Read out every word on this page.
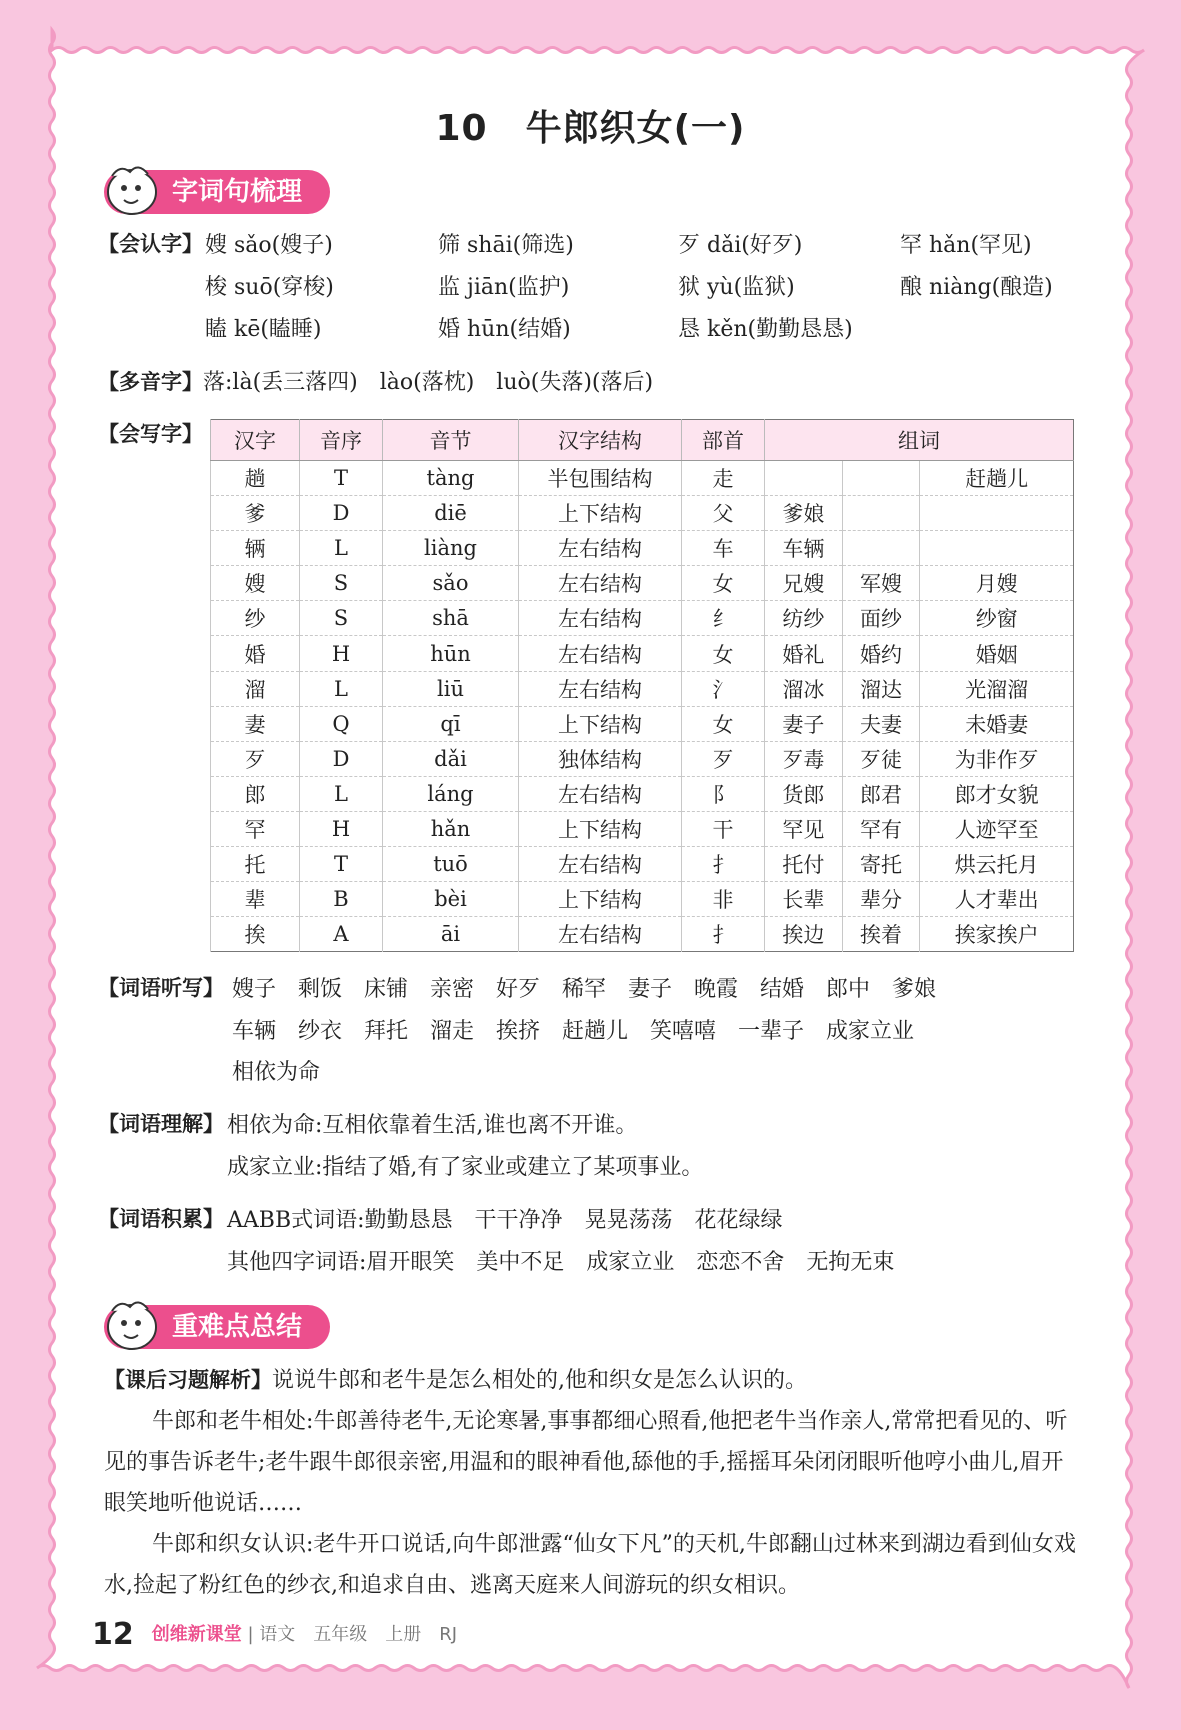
10 牛郎织女(一)
字词句梳理
【会认字】 嫂 sǎo(嫂子)	筛 shāi(筛选)	歹 dǎi(好歹)	罕 hǎn(罕见)
梭 suō(穿梭)	监 jiān(监护)	狱 yù(监狱)	酿 niàng(酿造)
瞌 kē(瞌睡)	婚 hūn(结婚)	恳 kěn(勤勤恳恳)
【多音字】落:là(丢三落四)　lào(落枕)　luò(失落)(落后)
【会写字】 汉字	音序	音节	汉字结构	部首	组词		
趟	T	tàng	半包围结构	走			赶趟儿
爹	D	diē	上下结构	父	爹娘		
辆	L	liàng	左右结构	车	车辆		
嫂	S	sǎo	左右结构	女	兄嫂	军嫂	月嫂
纱	S	shā	左右结构	纟	纺纱	面纱	纱窗
婚	H	hūn	左右结构	女	婚礼	婚约	婚姻
溜	L	liū	左右结构	氵	溜冰	溜达	光溜溜
妻	Q	qī	上下结构	女	妻子	夫妻	未婚妻
歹	D	dǎi	独体结构	歹	歹毒	歹徒	为非作歹
郎	L	láng	左右结构	阝	货郎	郎君	郎才女貌
罕	H	hǎn	上下结构	干	罕见	罕有	人迹罕至
托	T	tuō	左右结构	扌	托付	寄托	烘云托月
辈	B	bèi	上下结构	非	长辈	辈分	人才辈出
挨	A	āi	左右结构	扌	挨边	挨着	挨家挨户
【词语听写】 嫂子　剩饭　床铺　亲密　好歹　稀罕　妻子　晚霞　结婚　郎中　爹娘
车辆　纱衣　拜托　溜走　挨挤　赶趟儿　笑嘻嘻　一辈子　成家立业
相依为命
【词语理解】 相依为命:互相依靠着生活,谁也离不开谁。
成家立业:指结了婚,有了家业或建立了某项事业。
【词语积累】 AABB式词语:勤勤恳恳　干干净净　晃晃荡荡　花花绿绿
其他四字词语:眉开眼笑　美中不足　成家立业　恋恋不舍　无拘无束
重难点总结

【课后习题解析】说说牛郎和老牛是怎么相处的,他和织女是怎么认识的。

牛郎和老牛相处:牛郎善待老牛,无论寒暑,事事都细心照看,他把老牛当作亲人,常常把看见的、听见的事告诉老牛;老牛跟牛郎很亲密,用温和的眼神看他,舔他的手,摇摇耳朵闭闭眼听他哼小曲儿,眉开眼笑地听他说话……

牛郎和织女认识:老牛开口说话,向牛郎泄露“仙女下凡”的天机,牛郎翻山过林来到湖边看到仙女戏水,捡起了粉红色的纱衣,和追求自由、逃离天庭来人间游玩的织女相识。

12 创维新课堂 | 语文　五年级　上册　RJ
